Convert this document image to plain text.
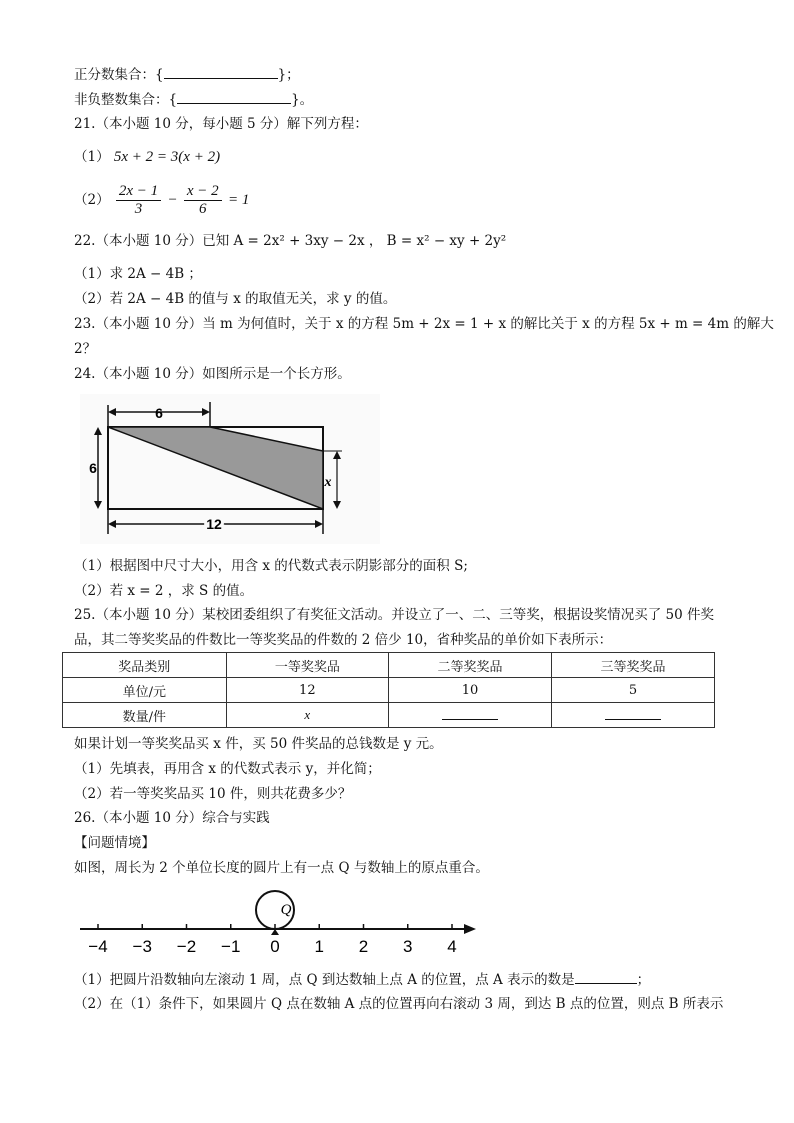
正分数集合：{	}；
非负整数集合：{	}。
21.（本小题 10 分，每小题 5 分）解下列方程：
（1） 5x + 2 = 3(x + 2)
$(2) \frac{2x - 1}{3} - \frac{x - 2}{6} = 1$
22.（本小题 10 分）已知 A = 2x² + 3xy − 2x ， B = x² − xy + 2y²
（1）求 2A − 4B ；
（2）若 2A − 4B 的值与 x 的取值无关，求 y 的值。
23.（本小题 10 分）当 m 为何值时，关于 x 的方程 5m + 2x = 1 + x 的解比关于 x 的方程 5x + m = 4m 的解大
2？
24.（本小题 10 分）如图所示是一个长方形。
6
6
x
12
（1）根据图中尺寸大小，用含 x 的代数式表示阴影部分的面积 S;
（2）若 x = 2 ，求 S 的值。
25.（本小题 10 分）某校团委组织了有奖征文活动。并设立了一、二、三等奖，根据设奖情况买了 50 件奖
品，其二等奖奖品的件数比一等奖奖品的件数的 2 倍少 10，省种奖品的单价如下表所示：
奖品类别	一等奖奖品	二等奖奖品	三等奖奖品
单位/元	12	10	5
数量/件	x		
如果计划一等奖奖品买 x 件，买 50 件奖品的总钱数是 y 元。
（1）先填表，再用含 x 的代数式表示 y，并化简；
（2）若一等奖奖品买 10 件，则共花费多少？
26.（本小题 10 分）综合与实践
【问题情境】
如图，周长为 2 个单位长度的圆片上有一点 Q 与数轴上的原点重合。
Q
−4 −3 −2 −1 0 1 2 3 4
（1）把圆片沿数轴向左滚动 1 周，点 Q 到达数轴上点 A 的位置，点 A 表示的数是	；
（2）在（1）条件下，如果圆片 Q 点在数轴 A 点的位置再向右滚动 3 周，到达 B 点的位置，则点 B 所表示
